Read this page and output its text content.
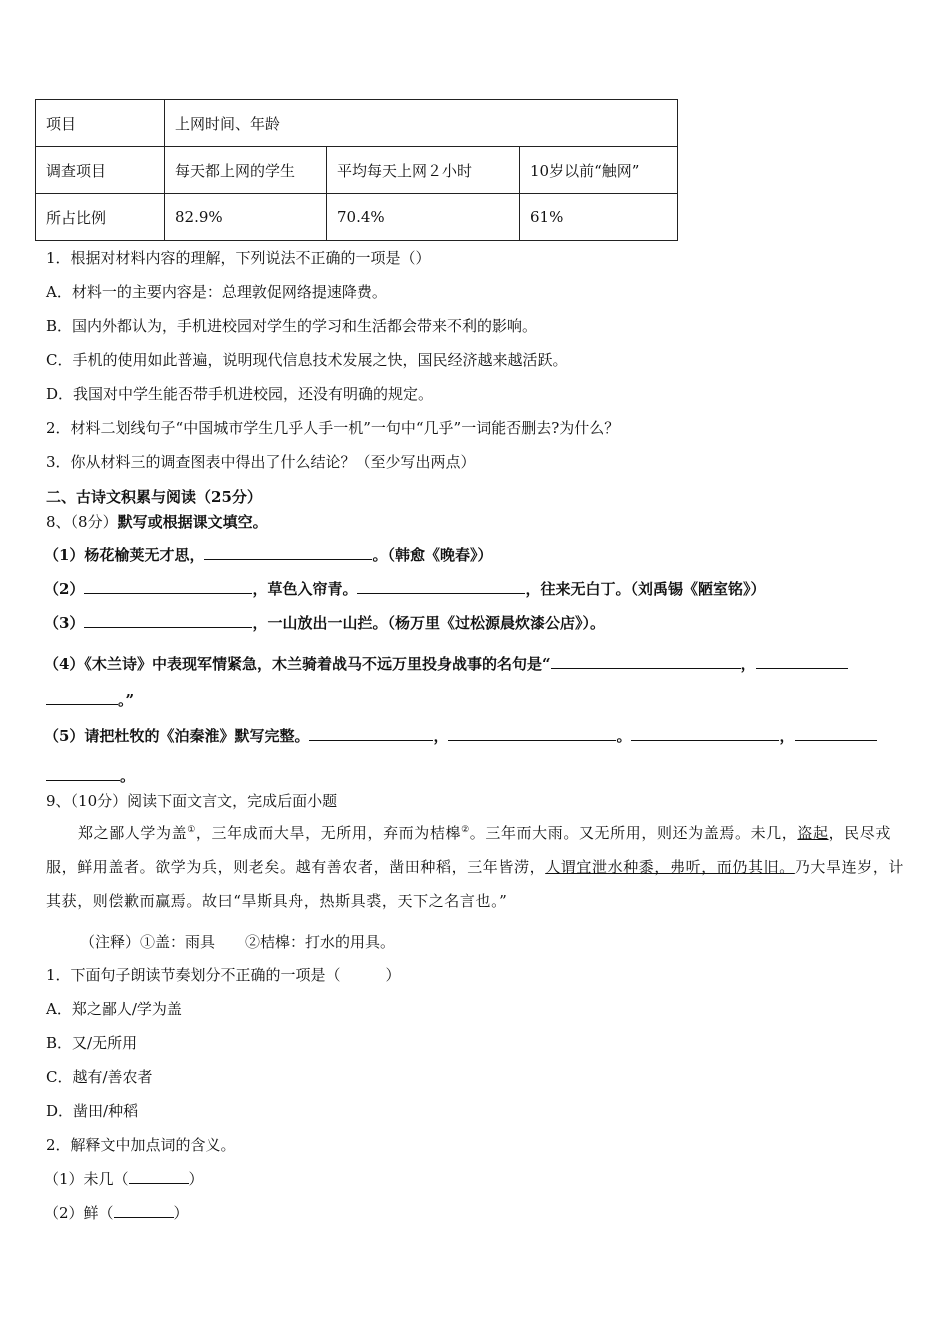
项目	上网时间、年龄		
调查项目	每天都上网的学生	平均每天上网２小时	10岁以前“触网”
所占比例	82.9%	70.4%	61%
1．根据对材料内容的理解，下列说法不正确的一项是（）
A．材料一的主要内容是：总理敦促网络提速降费。
B．国内外都认为，手机进校园对学生的学习和生活都会带来不利的影响。
C．手机的使用如此普遍，说明现代信息技术发展之快，国民经济越来越活跃。
D．我国对中学生能否带手机进校园，还没有明确的规定。
2．材料二划线句子“中国城市学生几乎人手一机”一句中“几乎”一词能否删去?为什么？
3．你从材料三的调查图表中得出了什么结论？（至少写出两点）
二、古诗文积累与阅读（25分）
8、（8分）默写或根据课文填空。
（1）杨花榆荚无才思，	。（韩愈《晚春》）
（2）	，草色入帘青。	，往来无白丁。（刘禹锡《陋室铭》）
（3）	，一山放出一山拦。（杨万里《过松源晨炊漆公店》）。
（4）《木兰诗》中表现军情紧急，木兰骑着战马不远万里投身战事的名句是“	，
。”
（5）请把杜牧的《泊秦淮》默写完整。	，	。	，
。
9、（10分）阅读下面文言文，完成后面小题
郑之鄙人学为盖①，三年成而大旱，无所用，弃而为桔槔②。三年而大雨。又无所用，则还为盖焉。未几，盗起，民尽戎服，鲜用盖者。欲学为兵，则老矣。越有善农者，凿田种稻，三年皆涝，人谓宜泄水种黍，弗听，而仍其旧。乃大旱连岁，计其获，则偿歉而赢焉。故曰“旱斯具舟，热斯具裘，天下之名言也。”
（注释）①盖：雨具　　②桔槔：打水的用具。
1．下面句子朗读节奏划分不正确的一项是（　　　）
A．郑之鄙人/学为盖
B．又/无所用
C．越有/善农者
D．凿田/种稻
2．解释文中加点词的含义。
（1）未几（	）
（2）鲜（	）
